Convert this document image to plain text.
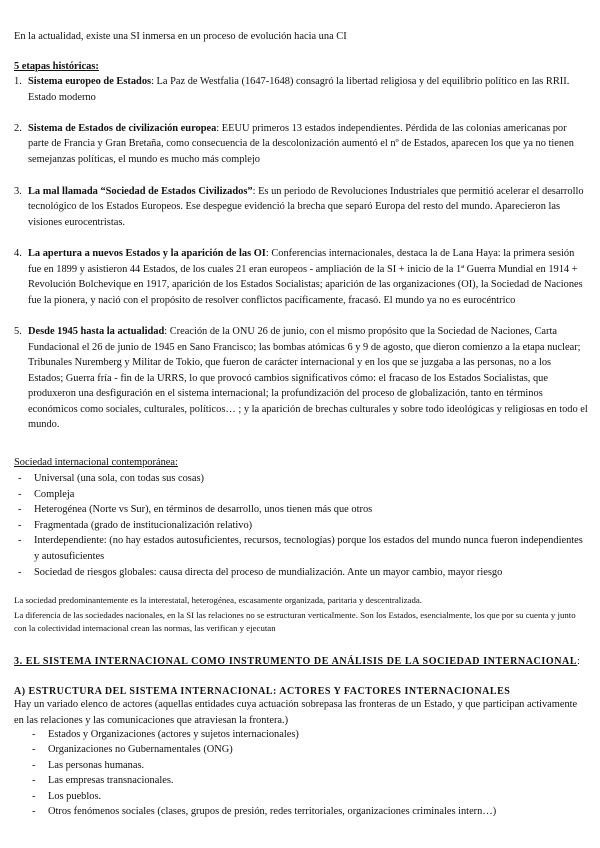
En la actualidad, existe una SI inmersa en un proceso de evolución hacia una CI

5 etapas históricas:

1. Sistema europeo de Estados: La Paz de Westfalia (1647-1648) consagró la libertad religiosa y del equilibrio político en las RRII. Estado moderno
2. Sistema de Estados de civilización europea: EEUU primeros 13 estados independientes. Pérdida de las colonias americanas por parte de Francia y Gran Bretaña, como consecuencia de la descolonización aumentó el nº de Estados, aparecen los que ya no tienen semejanzas políticas, el mundo es mucho más complejo
3. La mal llamada “Sociedad de Estados Civilizados”: Es un periodo de Revoluciones Industriales que permitió acelerar el desarrollo tecnológico de los Estados Europeos. Ese despegue evidenció la brecha que separó Europa del resto del mundo. Aparecieron las visiones eurocentristas.
4. La apertura a nuevos Estados y la aparición de las OI: Conferencias internacionales, destaca la de Lana Haya: la primera sesión fue en 1899 y asistieron 44 Estados, de los cuales 21 eran europeos - ampliación de la SI + inicio de la 1ª Guerra Mundial en 1914 + Revolución Bolchevique en 1917, aparición de los Estados Socialistas; aparición de las organizaciones (OI), la Sociedad de Naciones fue la pionera, y nació con el propósito de resolver conflictos pacíficamente, fracasó. El mundo ya no es eurocéntrico
5. Desde 1945 hasta la actualidad: Creación de la ONU 26 de junio, con el mismo propósito que la Sociedad de Naciones, Carta Fundacional el 26 de junio de 1945 en Sano Francisco; las bombas atómicas 6 y 9 de agosto, que dieron comienzo a la etapa nuclear; Tribunales Nuremberg y Militar de Tokio, que fueron de carácter internacional y en los que se juzgaba a las personas, no a los Estados; Guerra fría - fin de la URRS, lo que provocó cambios significativos cómo: el fracaso de los Estados Socialistas, que produxeron una desfiguración en el sistema internacional; la profundización del proceso de globalización, tanto en términos económicos como sociales, culturales, políticos… ; y la aparición de brechas culturales y sobre todo ideológicas y religiosas en todo el mundo.

Sociedad internacional contemporánea:

- Universal (una sola, con todas sus cosas)
- Compleja
- Heterogénea (Norte vs Sur), en términos de desarrollo, unos tienen más que otros
- Fragmentada (grado de institucionalización relativo)
- Interdependiente: (no hay estados autosuficientes, recursos, tecnologías) porque los estados del mundo nunca fueron independientes y autosuficientes
- Sociedad de riesgos globales: causa directa del proceso de mundialización. Ante un mayor cambio, mayor riesgo

La sociedad predominantemente es la interestatal, heterogénea, escasamente organizada, paritaria y descentralizada.

La diferencia de las sociedades nacionales, en la SI las relaciones no se estructuran verticalmente. Son los Estados, esencialmente, los que por su cuenta y junto con la colectividad internacional crean las normas, las verifican y ejecutan

3. EL SISTEMA INTERNACIONAL COMO INSTRUMENTO DE ANÁLISIS DE LA SOCIEDAD INTERNACIONAL:

A) ESTRUCTURA DEL SISTEMA INTERNACIONAL: ACTORES Y FACTORES INTERNACIONALES

Hay un variado elenco de actores (aquellas entidades cuya actuación sobrepasa las fronteras de un Estado, y que participan activamente en las relaciones y las comunicaciones que atraviesan la frontera.)

- Estados y Organizaciones (actores y sujetos internacionales)
- Organizaciones no Gubernamentales (ONG)
- Las personas humanas.
- Las empresas transnacionales.
- Los pueblos.
- Otros fenómenos sociales (clases, grupos de presión, redes territoriales, organizaciones criminales intern…)
